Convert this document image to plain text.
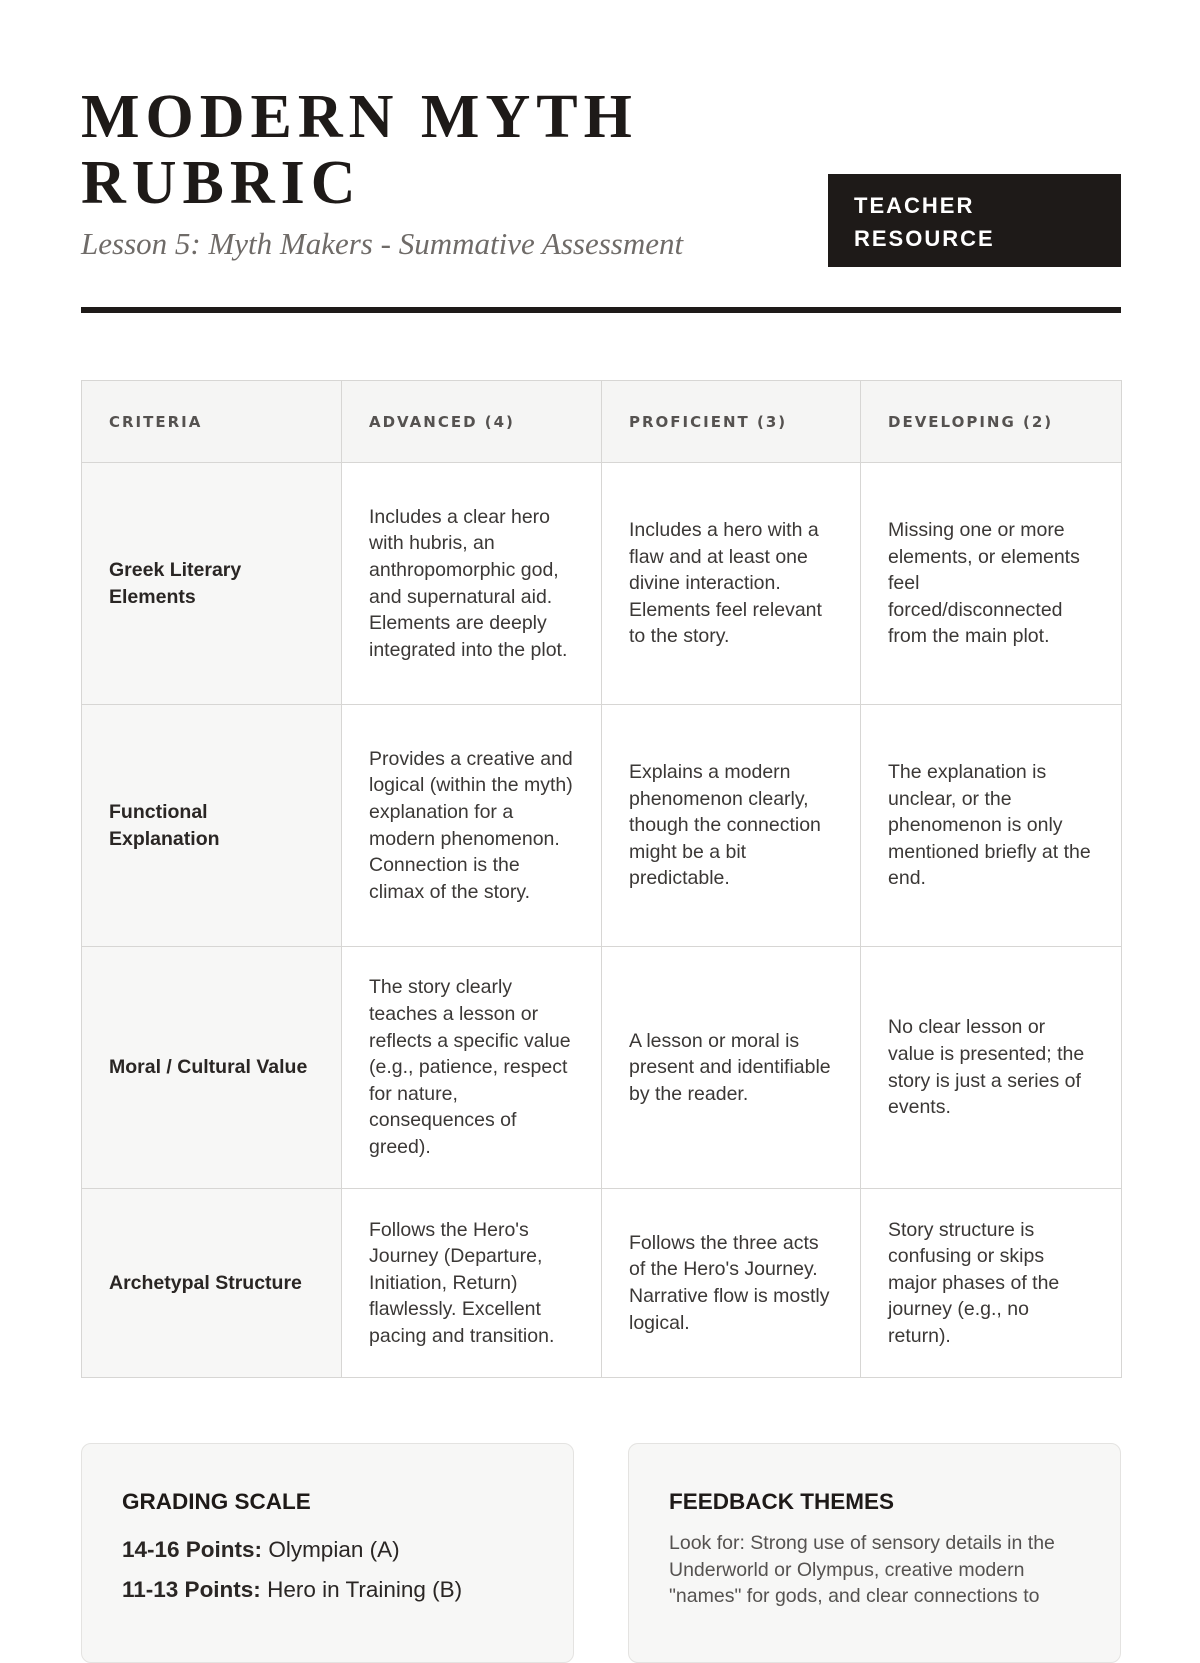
MODERN MYTH
RUBRIC
Lesson 5: Myth Makers - Summative Assessment
TEACHER
RESOURCE
CRITERIA	ADVANCED (4)	PROFICIENT (3)	DEVELOPING (2)
Greek Literary Elements	Includes a clear hero with hubris, an anthropomorphic god, and supernatural aid. Elements are deeply integrated into the plot.	Includes a hero with a flaw and at least one divine interaction. Elements feel relevant to the story.	Missing one or more elements, or elements feel forced/disconnected from the main plot.
Functional Explanation	Provides a creative and logical (within the myth) explanation for a modern phenomenon. Connection is the climax of the story.	Explains a modern phenomenon clearly, though the connection might be a bit predictable.	The explanation is unclear, or the phenomenon is only mentioned briefly at the end.
Moral / Cultural Value	The story clearly teaches a lesson or reflects a specific value (e.g., patience, respect for nature, consequences of greed).	A lesson or moral is present and identifiable by the reader.	No clear lesson or value is presented; the story is just a series of events.
Archetypal Structure	Follows the Hero's Journey (Departure, Initiation, Return) flawlessly. Excellent pacing and transition.	Follows the three acts of the Hero's Journey. Narrative flow is mostly logical.	Story structure is confusing or skips major phases of the journey (e.g., no return).
GRADING SCALE
14-16 Points: Olympian (A)
11-13 Points: Hero in Training (B)
FEEDBACK THEMES
Look for: Strong use of sensory details in the Underworld or Olympus, creative modern "names" for gods, and clear connections to
